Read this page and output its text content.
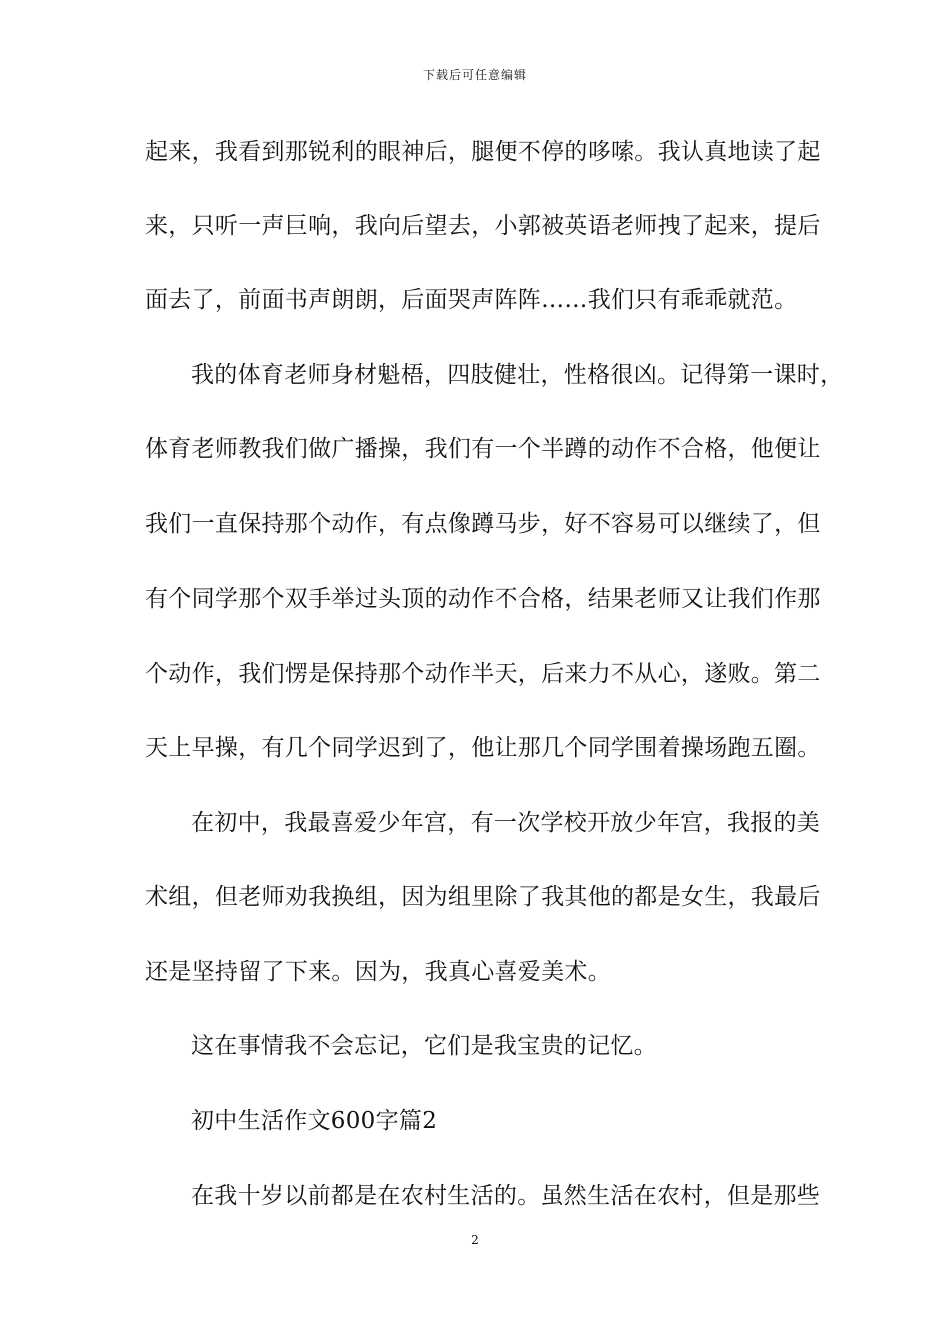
下载后可任意编辑
起来，我看到那锐利的眼神后，腿便不停的哆嗦。我认真地读了起
来，只听一声巨响，我向后望去，小郭被英语老师拽了起来，提后
面去了，前面书声朗朗，后面哭声阵阵……我们只有乖乖就范。
我的体育老师身材魁梧，四肢健壮，性格很凶。记得第一课时，
体育老师教我们做广播操，我们有一个半蹲的动作不合格，他便让
我们一直保持那个动作，有点像蹲马步，好不容易可以继续了，但
有个同学那个双手举过头顶的动作不合格，结果老师又让我们作那
个动作，我们愣是保持那个动作半天，后来力不从心，遂败。第二
天上早操，有几个同学迟到了，他让那几个同学围着操场跑五圈。
在初中，我最喜爱少年宫，有一次学校开放少年宫，我报的美
术组，但老师劝我换组，因为组里除了我其他的都是女生，我最后
还是坚持留了下来。因为，我真心喜爱美术。
这在事情我不会忘记，它们是我宝贵的记忆。
初中生活作文600字篇2
在我十岁以前都是在农村生活的。虽然生活在农村，但是那些
2
